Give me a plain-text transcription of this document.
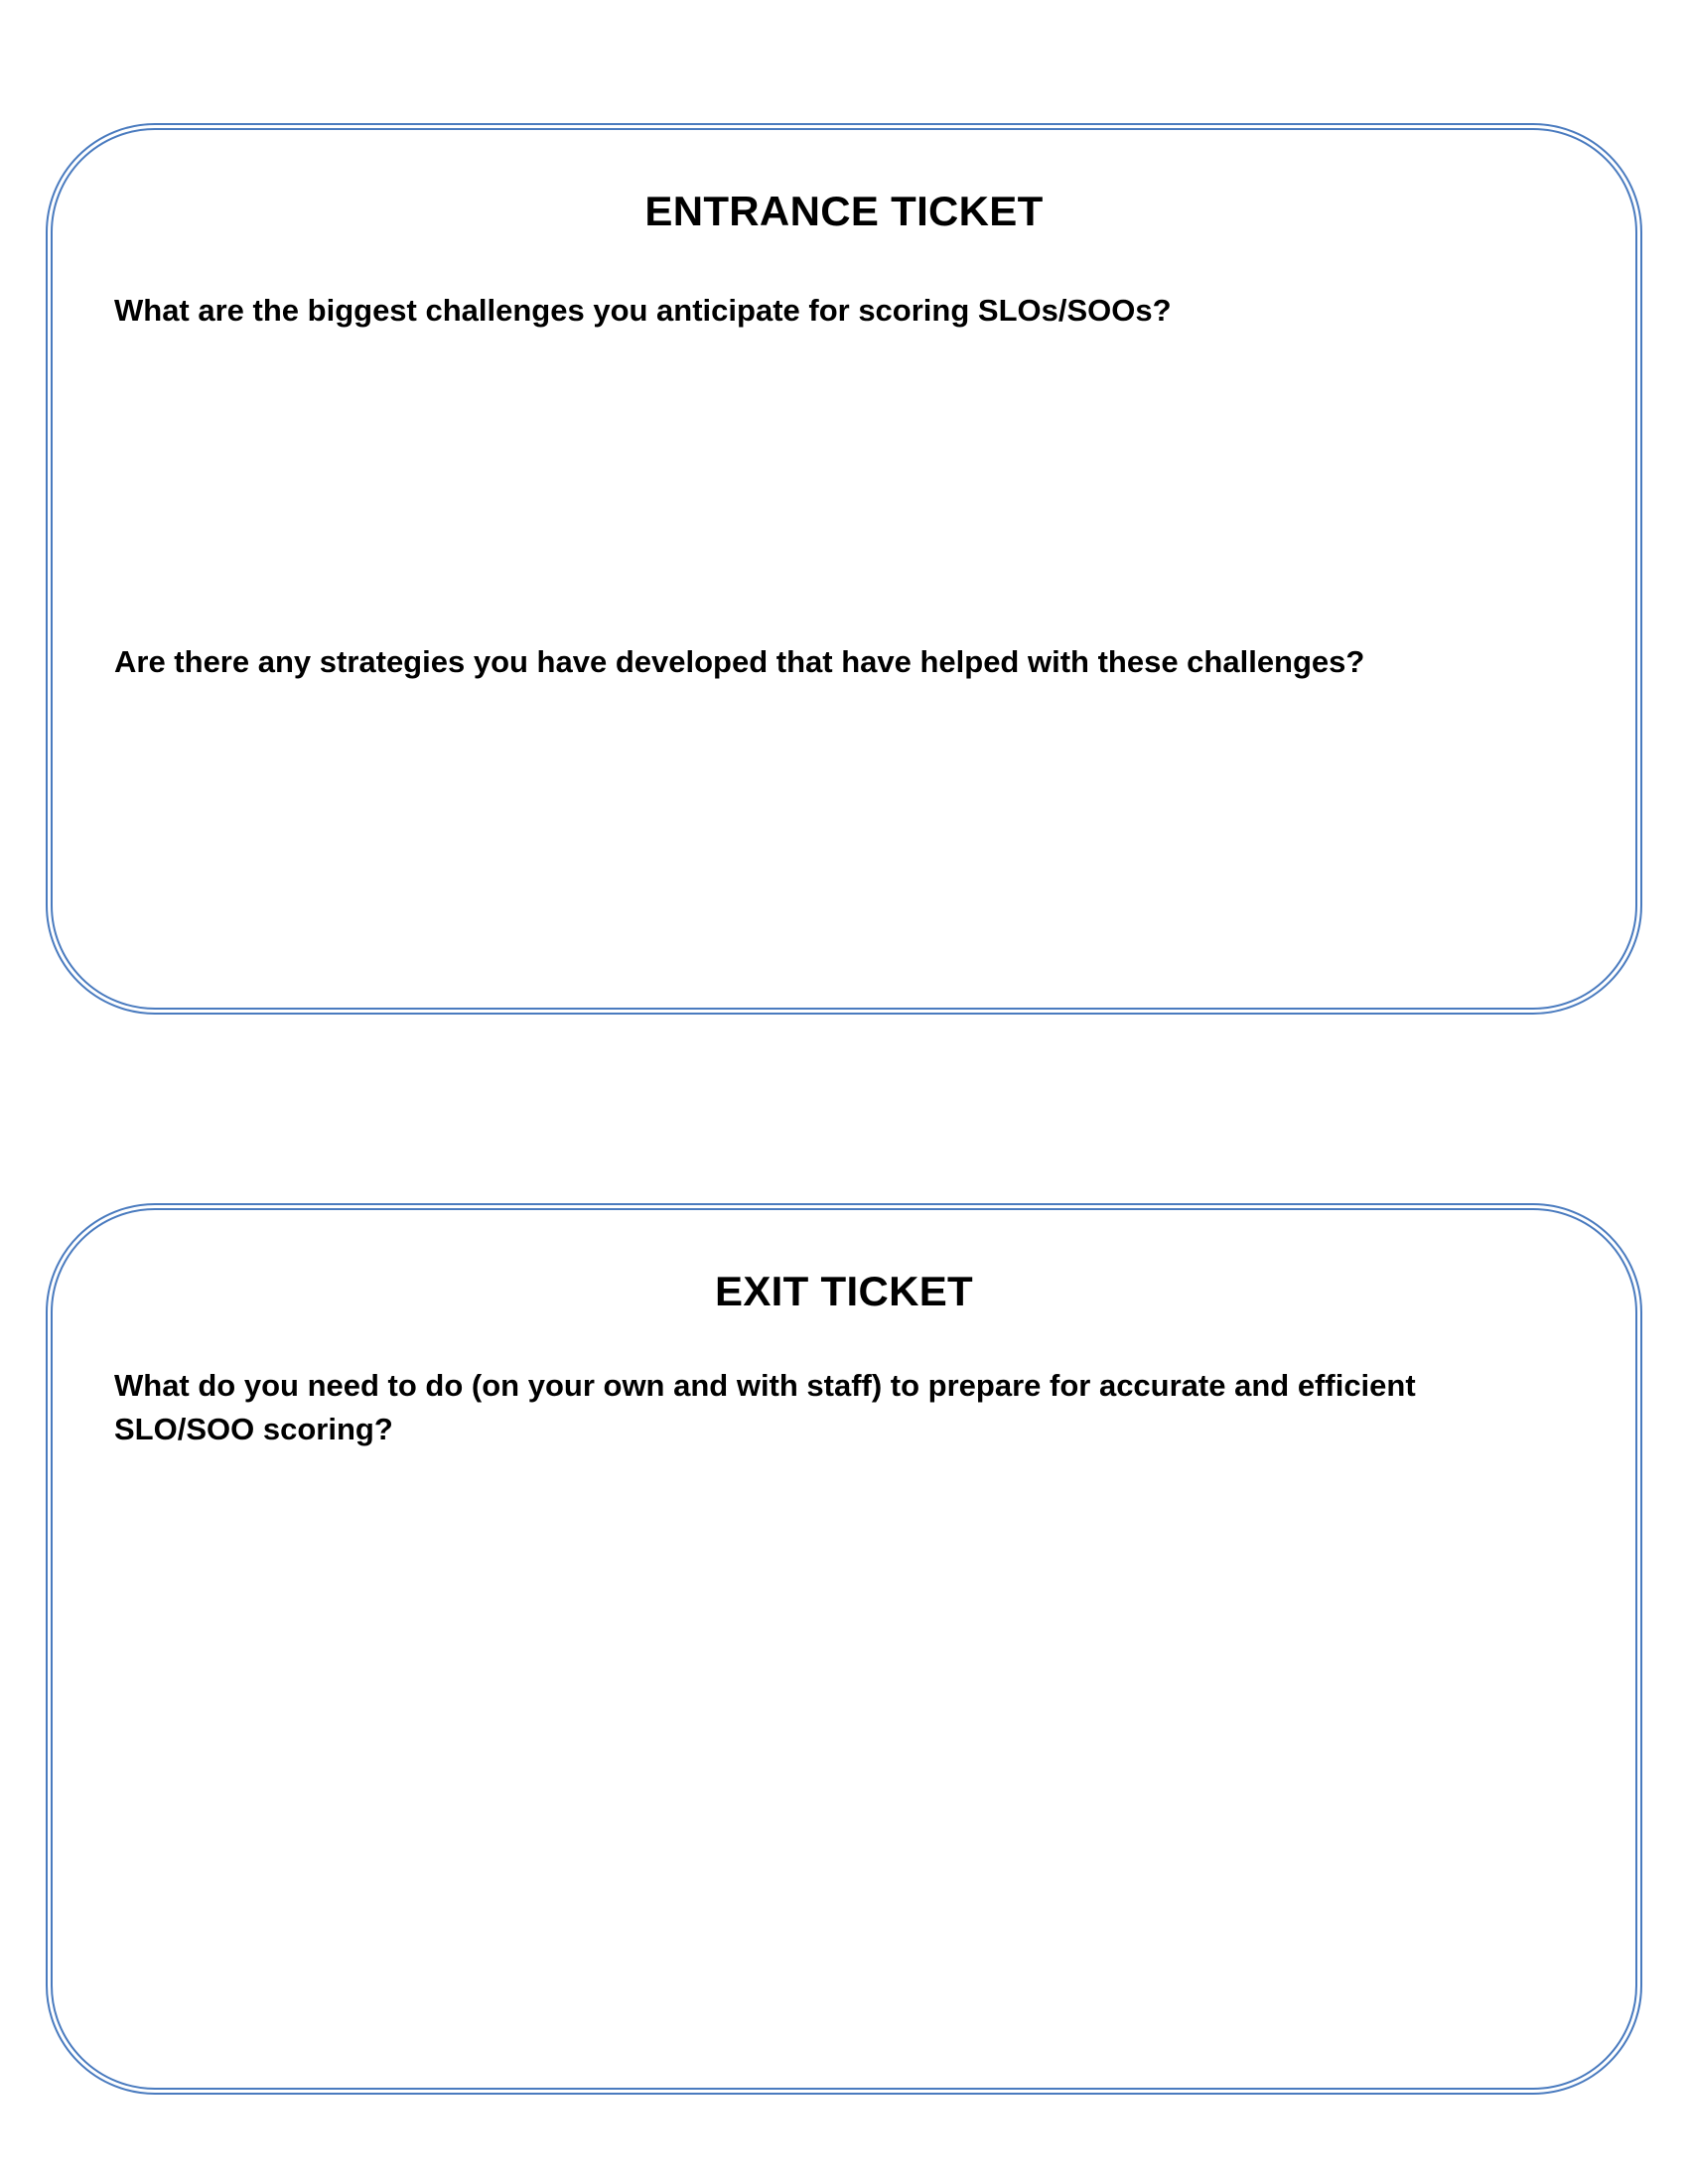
ENTRANCE TICKET
What are the biggest challenges you anticipate for scoring SLOs/SOOs?
Are there any strategies you have developed that have helped with these challenges?
EXIT TICKET
What do you need to do (on your own and with staff) to prepare for accurate and efficient SLO/SOO scoring?
